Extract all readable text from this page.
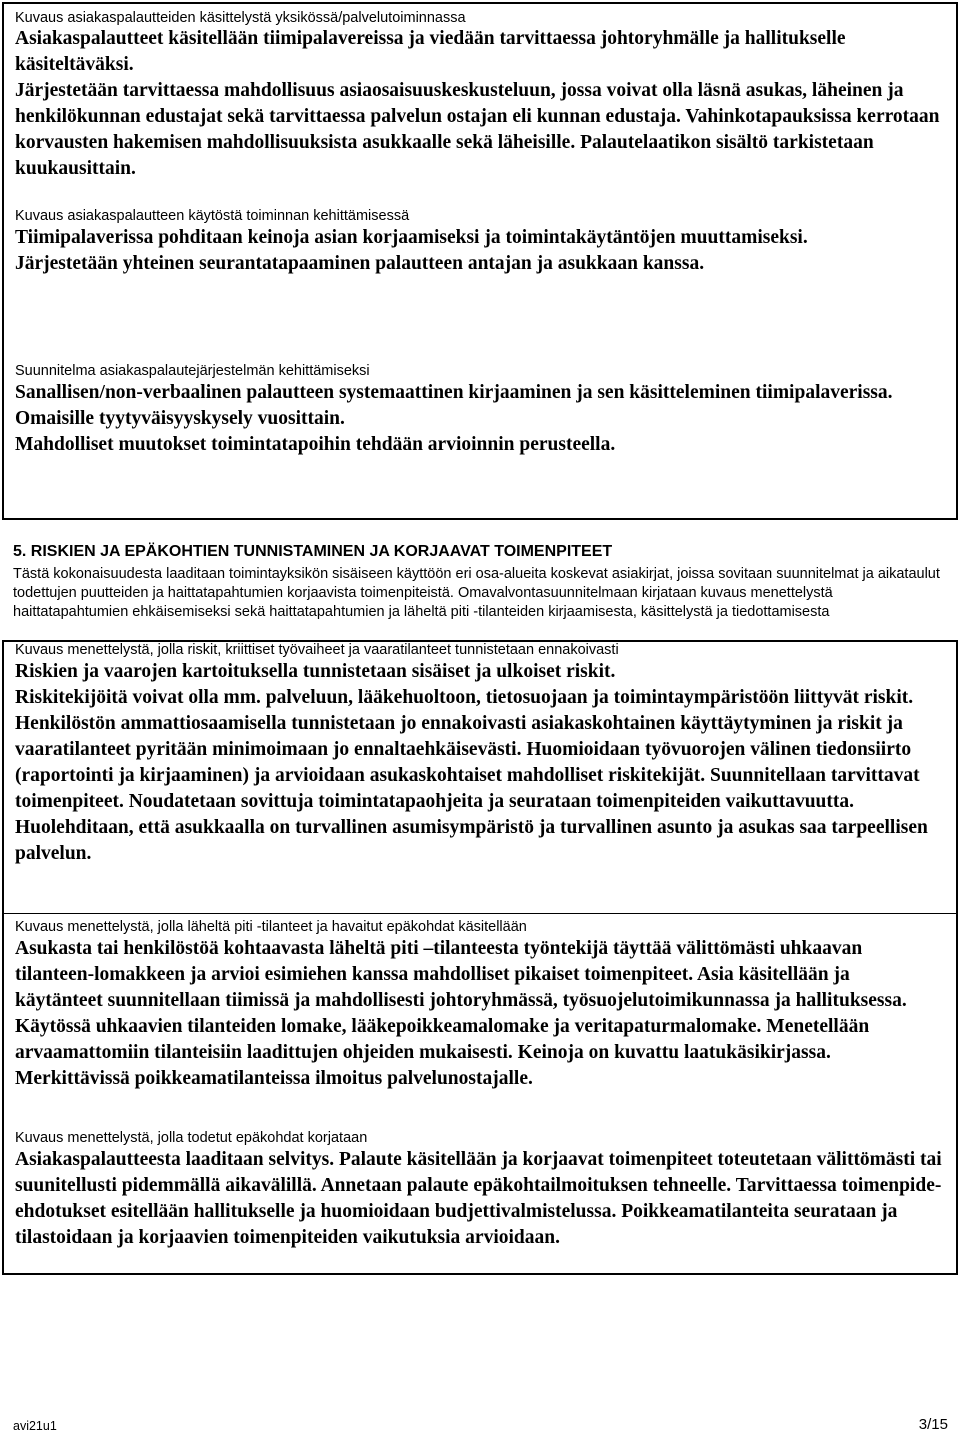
Kuvaus asiakaspalautteiden käsittelystä yksikössä/palvelutoiminnassa

Asiakaspalautteet käsitellään tiimipalavereissa ja viedään tarvittaessa johtoryhmälle ja hallitukselle käsiteltäväksi.

Järjestetään tarvittaessa mahdollisuus asiaosaisuuskeskusteluun, jossa voivat olla läsnä asukas, läheinen ja henkilökunnan edustajat sekä tarvittaessa palvelun ostajan eli kunnan edustaja. Vahinkotapauksissa kerrotaan korvausten hakemisen mahdollisuuksista asukkaalle sekä läheisille. Palautelaatikon sisältö tarkistetaan kuukausittain.

Kuvaus asiakaspalautteen käytöstä toiminnan kehittämisessä

Tiimipalaverissa pohditaan keinoja asian korjaamiseksi ja toimintakäytäntöjen muuttamiseksi.

Järjestetään yhteinen seurantatapaaminen palautteen antajan ja asukkaan kanssa.

Suunnitelma asiakaspalautejärjestelmän kehittämiseksi

Sanallisen/non-verbaalinen palautteen systemaattinen kirjaaminen ja sen käsitteleminen tiimipalaverissa.

Omaisille tyytyväisyyskysely vuosittain.

Mahdolliset muutokset toimintatapoihin tehdään arvioinnin perusteella.

5. RISKIEN JA EPÄKOHTIEN TUNNISTAMINEN JA KORJAAVAT TOIMENPITEET
Tästä kokonaisuudesta laaditaan toimintayksikön sisäiseen käyttöön eri osa-alueita koskevat asiakirjat, joissa sovitaan suunnitelmat ja aikataulut todettujen puutteiden ja haittatapahtumien korjaavista toimenpiteistä. Omavalvontasuunnitelmaan kirjataan kuvaus menettelystä haittatapahtumien ehkäisemiseksi sekä haittatapahtumien ja läheltä piti -tilanteiden kirjaamisesta, käsittelystä ja tiedottamisesta

Kuvaus menettelystä, jolla riskit, kriittiset työvaiheet ja vaaratilanteet tunnistetaan ennakoivasti

Riskien ja vaarojen kartoituksella tunnistetaan sisäiset ja ulkoiset riskit.

Riskitekijöitä voivat olla mm. palveluun, lääkehuoltoon, tietosuojaan ja toimintaympäristöön liittyvät riskit.

Henkilöstön ammattiosaamisella tunnistetaan jo ennakoivasti asiakaskohtainen käyttäytyminen ja riskit ja vaaratilanteet pyritään minimoimaan jo ennaltaehkäisevästi. Huomioidaan työvuorojen välinen tiedonsiirto (raportointi ja kirjaaminen) ja arvioidaan asukaskohtaiset mahdolliset riskitekijät. Suunnitellaan tarvittavat toimenpiteet. Noudatetaan sovittuja toimintatapaohjeita ja seurataan toimenpiteiden vaikuttavuutta. Huolehditaan, että asukkaalla on turvallinen asumisympäristö ja turvallinen asunto ja asukas saa tarpeellisen palvelun.

Kuvaus menettelystä, jolla läheltä piti -tilanteet ja havaitut epäkohdat käsitellään

Asukasta tai henkilöstöä kohtaavasta läheltä piti –tilanteesta työntekijä täyttää välittömästi uhkaavan tilanteen-lomakkeen ja arvioi esimiehen kanssa mahdolliset pikaiset toimenpiteet. Asia käsitellään ja käytänteet suunnitellaan tiimissä ja mahdollisesti johtoryhmässä, työsuojelutoimikunnassa ja hallituksessa. Käytössä uhkaavien tilanteiden lomake, lääkepoikkeamalomake ja veritapaturmalomake. Menetellään arvaamattomiin tilanteisiin laadittujen ohjeiden mukaisesti. Keinoja on kuvattu laatukäsikirjassa. Merkittävissä poikkeamatilanteissa ilmoitus palvelunostajalle.

Kuvaus menettelystä, jolla todetut epäkohdat korjataan

Asiakaspalautteesta laaditaan selvitys. Palaute käsitellään ja korjaavat toimenpiteet toteutetaan välittömästi tai suunitellusti pidemmällä aikavälillä. Annetaan palaute epäkohtailmoituksen tehneelle. Tarvittaessa toimenpide-ehdotukset esitellään hallitukselle ja huomioidaan budjettivalmistelussa. Poikkeamatilanteita seurataan ja tilastoidaan ja korjaavien toimenpiteiden vaikutuksia arvioidaan.

avi21u1	3/15
